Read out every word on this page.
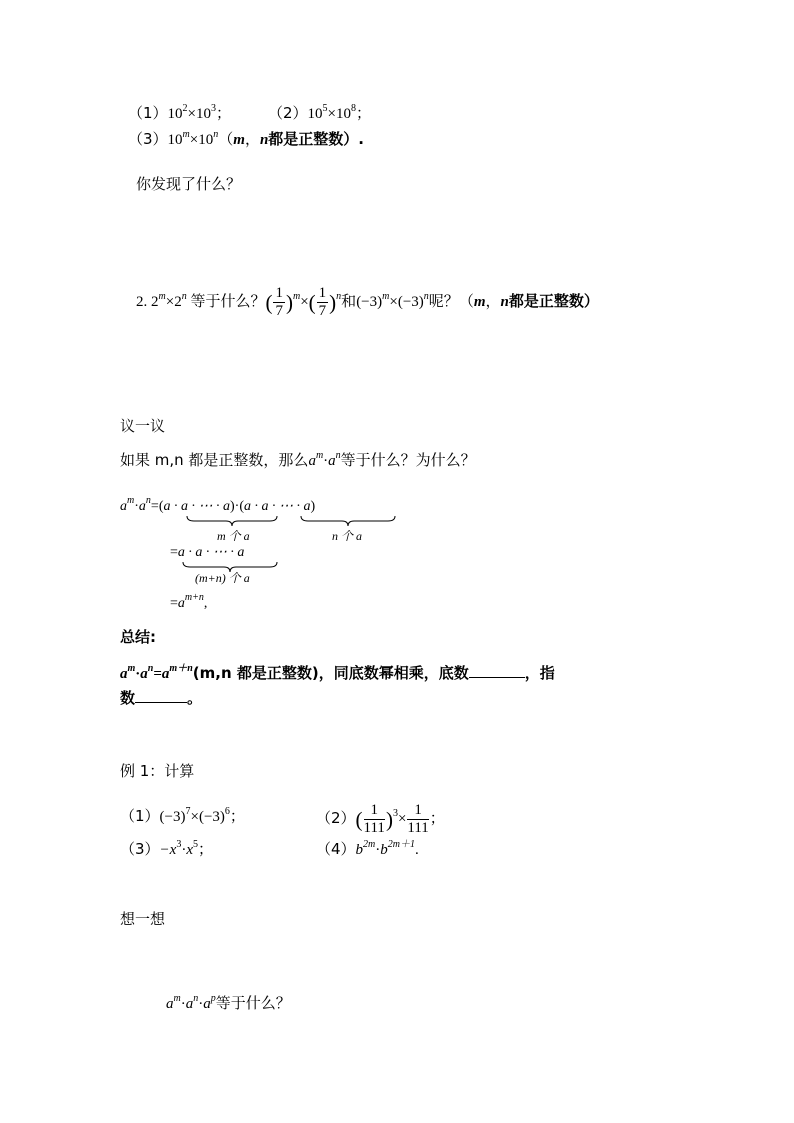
$(1)10^2\times 10^3$； $(2)10^5\times 10^8$；
$(3)10^m\times 10^n(m$，n都是正整数）.
你发现了什么？
2. $2^m\times 2^n$ 等于什么？( $\frac{1}{7} )^m\times( \frac{1}{7} )^n$和$(-3)^m\times(-3)^n$呢？（m，n都是正整数）
议一议
如果 m,n 都是正整数，那么$a^m\cdot a^n$等于什么？为什么？
$a^m\cdot a^n=(a \cdot a$ · ⋯ · a)·(a · a · ⋯ · a)
m 个 a	n 个 a
=a · a · ⋯ · a
(m+n) 个 a
$=a^{m+n}$,
总结:
$a^m\cdot a^n=a^{m+n}(m,n$ 都是正整数)，同底数幂相乘，底数	，指
数	。
例 1：计算
$(1)(-3)^7\times(-3)^6$；	$(2)( \frac{1}{111} )^3\times \frac{1}{111}$ ；
$(3)-x^3\cdot x^5$；	$(4)b^{2m}\cdot b^{2m+1}$.
想一想
$a^m\cdot a^n\cdot a^p$等于什么？
